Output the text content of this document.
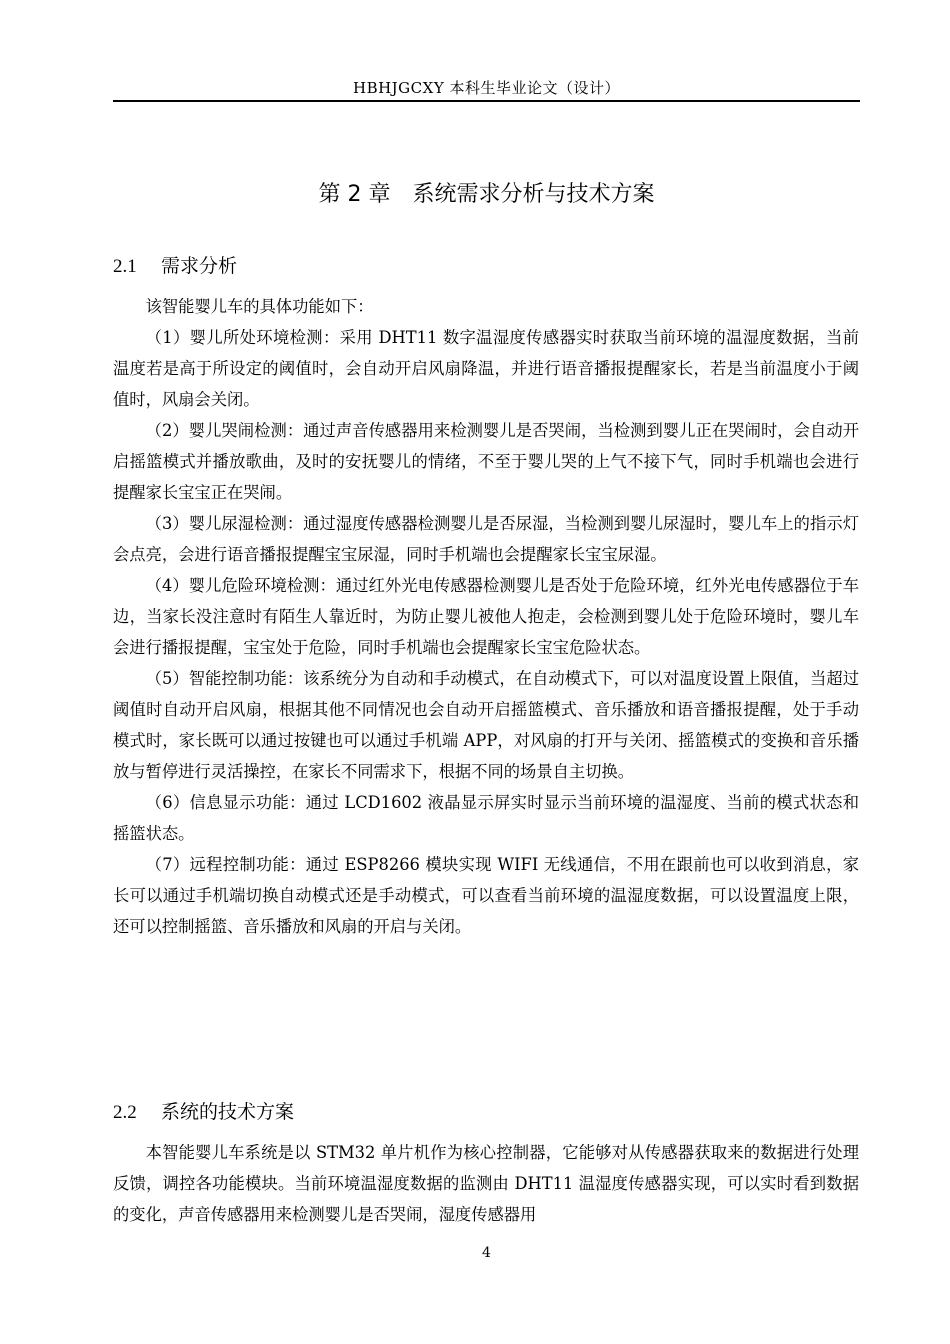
HBHJGCXY 本科生毕业论文（设计）
第 2 章 系统需求分析与技术方案
2.1 需求分析

该智能婴儿车的具体功能如下：

（1）婴儿所处环境检测：采用 DHT11 数字温湿度传感器实时获取当前环境的温湿度数据，当前温度若是高于所设定的阈值时，会自动开启风扇降温，并进行语音播报提醒家长，若是当前温度小于阈值时，风扇会关闭。

（2）婴儿哭闹检测：通过声音传感器用来检测婴儿是否哭闹，当检测到婴儿正在哭闹时，会自动开启摇篮模式并播放歌曲，及时的安抚婴儿的情绪，不至于婴儿哭的上气不接下气，同时手机端也会进行提醒家长宝宝正在哭闹。

（3）婴儿尿湿检测：通过湿度传感器检测婴儿是否尿湿，当检测到婴儿尿湿时，婴儿车上的指示灯会点亮，会进行语音播报提醒宝宝尿湿，同时手机端也会提醒家长宝宝尿湿。

（4）婴儿危险环境检测：通过红外光电传感器检测婴儿是否处于危险环境，红外光电传感器位于车边，当家长没注意时有陌生人靠近时，为防止婴儿被他人抱走，会检测到婴儿处于危险环境时，婴儿车会进行播报提醒，宝宝处于危险，同时手机端也会提醒家长宝宝危险状态。

（5）智能控制功能：该系统分为自动和手动模式，在自动模式下，可以对温度设置上限值，当超过阈值时自动开启风扇，根据其他不同情况也会自动开启摇篮模式、音乐播放和语音播报提醒，处于手动模式时，家长既可以通过按键也可以通过手机端 APP，对风扇的打开与关闭、摇篮模式的变换和音乐播放与暂停进行灵活操控，在家长不同需求下，根据不同的场景自主切换。

（6）信息显示功能：通过 LCD1602 液晶显示屏实时显示当前环境的温湿度、当前的模式状态和摇篮状态。

（7）远程控制功能：通过 ESP8266 模块实现 WIFI 无线通信，不用在跟前也可以收到消息，家长可以通过手机端切换自动模式还是手动模式，可以查看当前环境的温湿度数据，可以设置温度上限，还可以控制摇篮、音乐播放和风扇的开启与关闭。

2.2 系统的技术方案

本智能婴儿车系统是以 STM32 单片机作为核心控制器，它能够对从传感器获取来的数据进行处理反馈，调控各功能模块。当前环境温湿度数据的监测由 DHT11 温湿度传感器实现，可以实时看到数据的变化，声音传感器用来检测婴儿是否哭闹，湿度传感器用

4
